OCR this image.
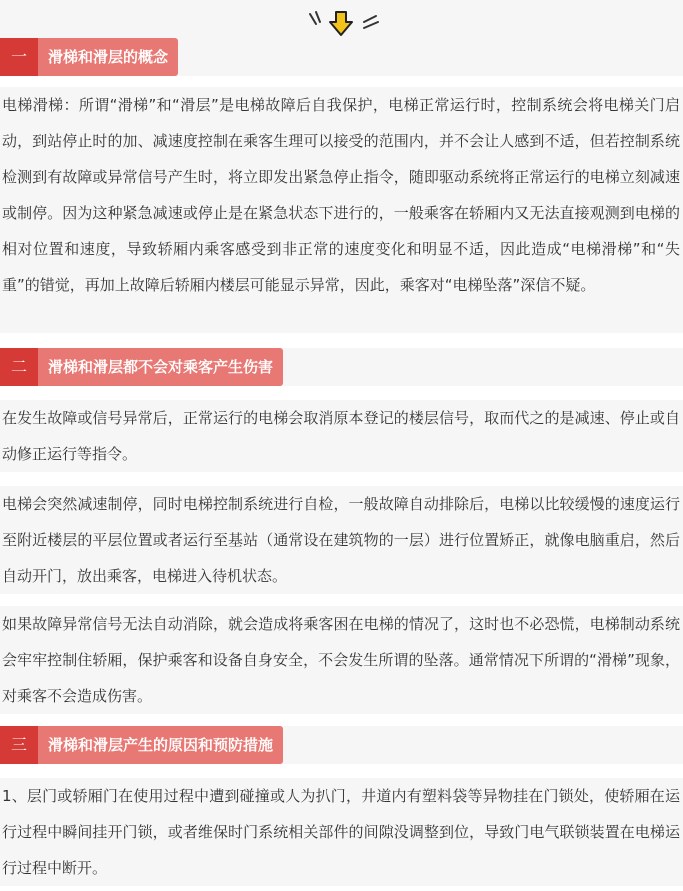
一	滑梯和滑层的概念
电梯滑梯：所谓“滑梯”和“滑层”是电梯故障后自我保护，电梯正常运行时，控制系统会将电梯关门启动，到站停止时的加、减速度控制在乘客生理可以接受的范围内，并不会让人感到不适，但若控制系统检测到有故障或异常信号产生时，将立即发出紧急停止指令，随即驱动系统将正常运行的电梯立刻减速或制停。因为这种紧急减速或停止是在紧急状态下进行的，一般乘客在轿厢内又无法直接观测到电梯的相对位置和速度，导致轿厢内乘客感受到非正常的速度变化和明显不适，因此造成“电梯滑梯”和“失重”的错觉，再加上故障后轿厢内楼层可能显示异常，因此，乘客对“电梯坠落”深信不疑。
二	滑梯和滑层都不会对乘客产生伤害
在发生故障或信号异常后，正常运行的电梯会取消原本登记的楼层信号，取而代之的是减速、停止或自动修正运行等指令。
电梯会突然减速制停，同时电梯控制系统进行自检，一般故障自动排除后，电梯以比较缓慢的速度运行至附近楼层的平层位置或者运行至基站（通常设在建筑物的一层）进行位置矫正，就像电脑重启，然后自动开门，放出乘客，电梯进入待机状态。
如果故障异常信号无法自动消除，就会造成将乘客困在电梯的情况了，这时也不必恐慌，电梯制动系统会牢牢控制住轿厢，保护乘客和设备自身安全，不会发生所谓的坠落。通常情况下所谓的“滑梯”现象，对乘客不会造成伤害。
三	滑梯和滑层产生的原因和预防措施
1、层门或轿厢门在使用过程中遭到碰撞或人为扒门，井道内有塑料袋等异物挂在门锁处，使轿厢在运行过程中瞬间挂开门锁，或者维保时门系统相关部件的间隙没调整到位，导致门电气联锁装置在电梯运行过程中断开。
